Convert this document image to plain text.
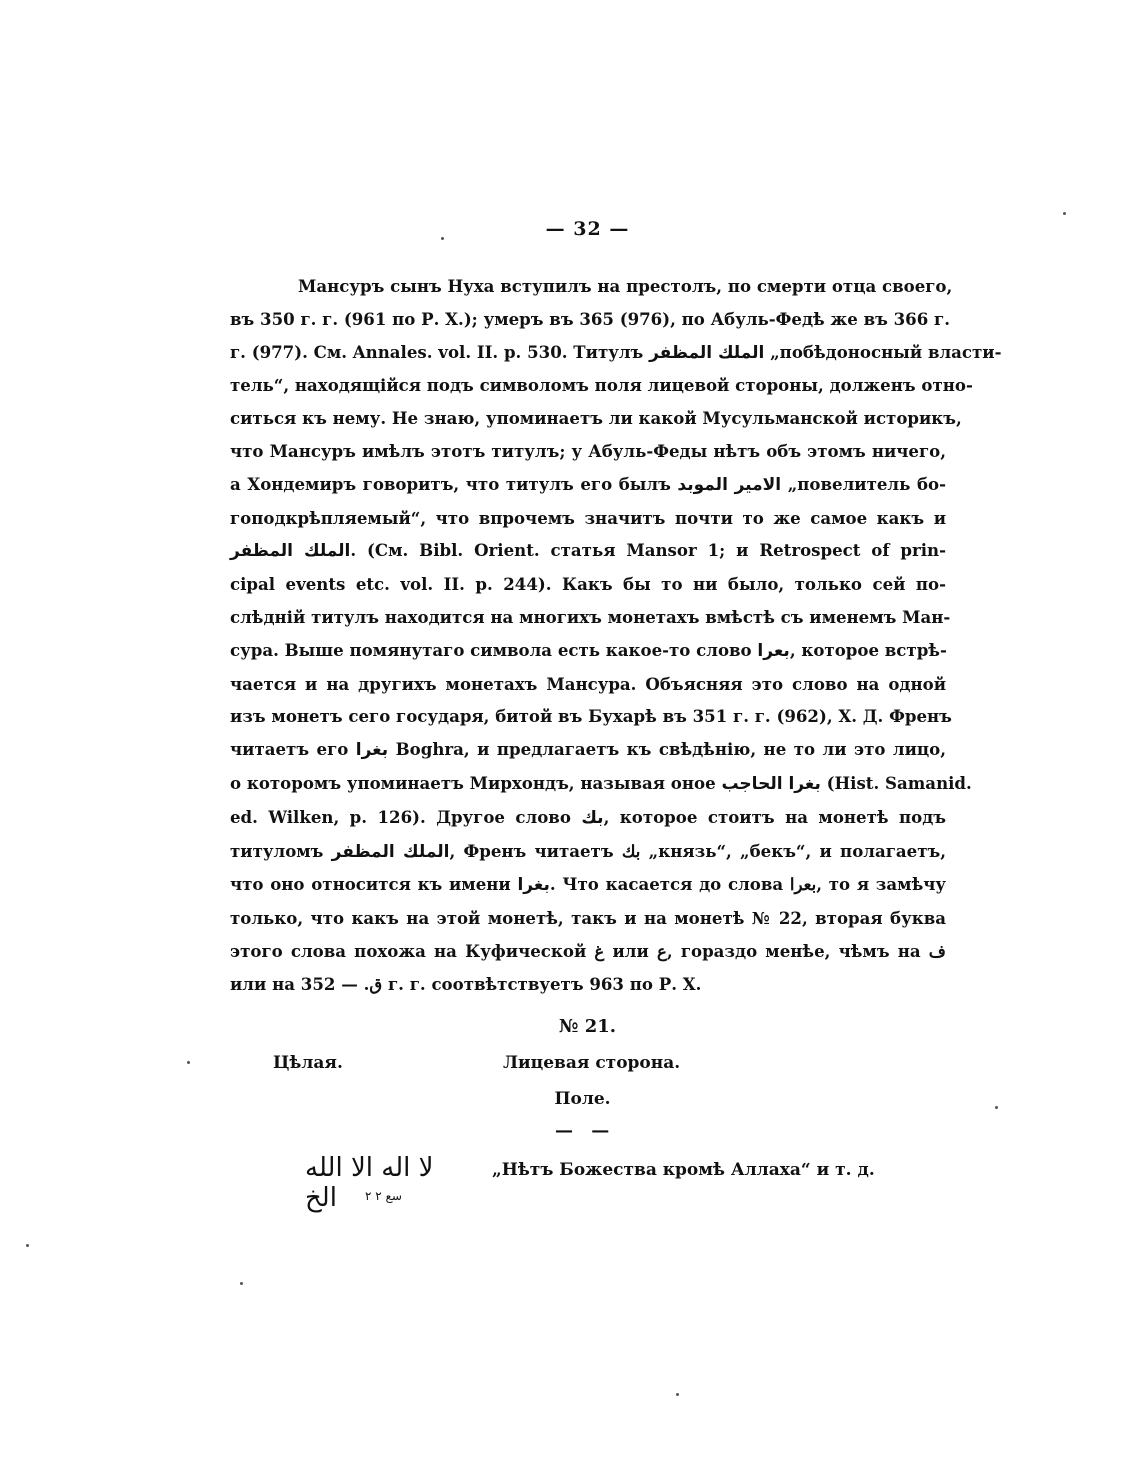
— 32 —
Мансуръ сынъ Нуха вступилъ на престолъ, по смерти отца своего,
въ 350 г. г. (961 по Р. Х.); умеръ въ 365 (976), по Абуль-Федѣ же въ 366 г.
г. (977). См. Annales. vol. II. p. 530. Титулъ الملك المظفر „побѣдоносный власти-
тель“, находящійся подъ символомъ поля лицевой стороны, долженъ отно-
ситься къ нему. Не знаю, упоминаетъ ли какой Мусульманской историкъ,
что Мансуръ имѣлъ этотъ титулъ; у Абуль-Феды нѣтъ объ этомъ ничего,
а Хондемиръ говоритъ, что титулъ его былъ الامير الموبد „повелитель бо-
гоподкрѣпляемый“, что впрочемъ значитъ почти то же самое какъ и
الملك المظفر. (См. Bibl. Orient. статья Mansor 1; и Retrospect of prin-
cipal events etc. vol. II. p. 244). Какъ бы то ни было, только сей по-
слѣдній титулъ находится на многихъ монетахъ вмѣстѣ съ именемъ Ман-
сура. Выше помянутаго символа есть какое-то слово بعرا, которое встрѣ-
чается и на другихъ монетахъ Мансура. Объясняя это слово на одной
изъ монетъ сего государя, битой въ Бухарѣ въ 351 г. г. (962), Х. Д. Френъ
читаетъ его بغرا Boghra, и предлагаетъ къ свѣдѣнію, не то ли это лицо,
о которомъ упоминаетъ Мирхондъ, называя оное بغرا الحاجب (Hist. Samanid.
ed. Wilken, p. 126). Другое слово بك, которое стоитъ на монетѣ подъ
титуломъ الملك المظفر, Френъ читаетъ ﺑﻚ „князь“, „бекъ“, и полагаетъ,
что оно относится къ имени بغرا. Что касается до слова بعرا, то я замѣчу
только, что какъ на этой монетѣ, такъ и на монетѣ № 22, вторая буква
этого слова похожа на Куфической غ или ع, гораздо менѣе, чѣмъ на ف
или на ق. — 352 г. г. соотвѣтствуетъ 963 по Р. Х.
№ 21.
Цѣлая.	Лицевая сторона.
Поле.
— —
لا اله الا الله الخ سع ٢ ٢
„Нѣтъ Божества кромѣ Аллаха“ и т. д.
